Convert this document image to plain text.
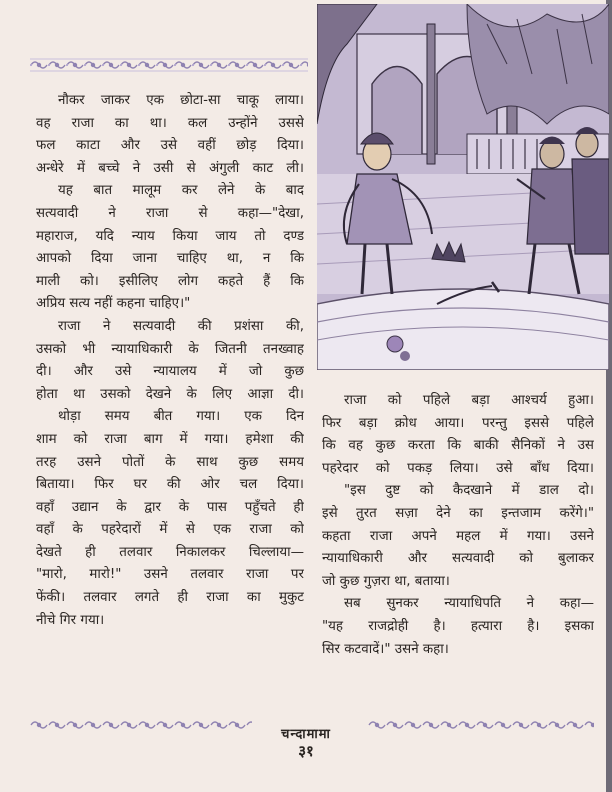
नौकर जाकर एक छोटा-सा चाकू लाया।
वह राजा का था। कल उन्होंने उससे
फल काटा और उसे वहीं छोड़ दिया।
अन्धेरे में बच्चे ने उसी से अंगुली काट ली।
यह बात मालूम कर लेने के बाद
सत्यवादी ने राजा से कहा—"देखा,
महाराज, यदि न्याय किया जाय तो दण्ड
आपको दिया जाना चाहिए था, न कि
माली को। इसीलिए लोग कहते हैं कि
अप्रिय सत्य नहीं कहना चाहिए।"
राजा ने सत्यवादी की प्रशंसा की,
उसको भी न्यायाधिकारी के जितनी तनख्वाह
दी। और उसे न्यायालय में जो कुछ
होता था उसको देखने के लिए आज्ञा दी।
थोड़ा समय बीत गया। एक दिन
शाम को राजा बाग में गया। हमेशा की
तरह उसने पोतों के साथ कुछ समय
बिताया। फिर घर की ओर चल दिया।
वहाँ उद्यान के द्वार के पास पहुँचते ही
वहाँ के पहरेदारों में से एक राजा को
देखते ही तलवार निकालकर चिल्लाया—
"मारो, मारो!" उसने तलवार राजा पर
फेंकी। तलवार लगते ही राजा का मुकुट
नीचे गिर गया।
राजा को पहिले बड़ा आश्चर्य हुआ।
फिर बड़ा क्रोध आया। परन्तु इससे पहिले
कि वह कुछ करता कि बाकी सैनिकों ने उस
पहरेदार को पकड़ लिया। उसे बाँध दिया।
"इस दुष्ट को कैदखाने में डाल दो।
इसे तुरत सज़ा देने का इन्तजाम करेंगे।"
कहता राजा अपने महल में गया। उसने
न्यायाधिकारी और सत्यवादी को बुलाकर
जो कुछ गुज़रा था, बताया।
सब सुनकर न्यायाधिपति ने कहा—
"यह राजद्रोही है। हत्यारा है। इसका
सिर कटवादें।" उसने कहा।
चन्दामामा
३१
